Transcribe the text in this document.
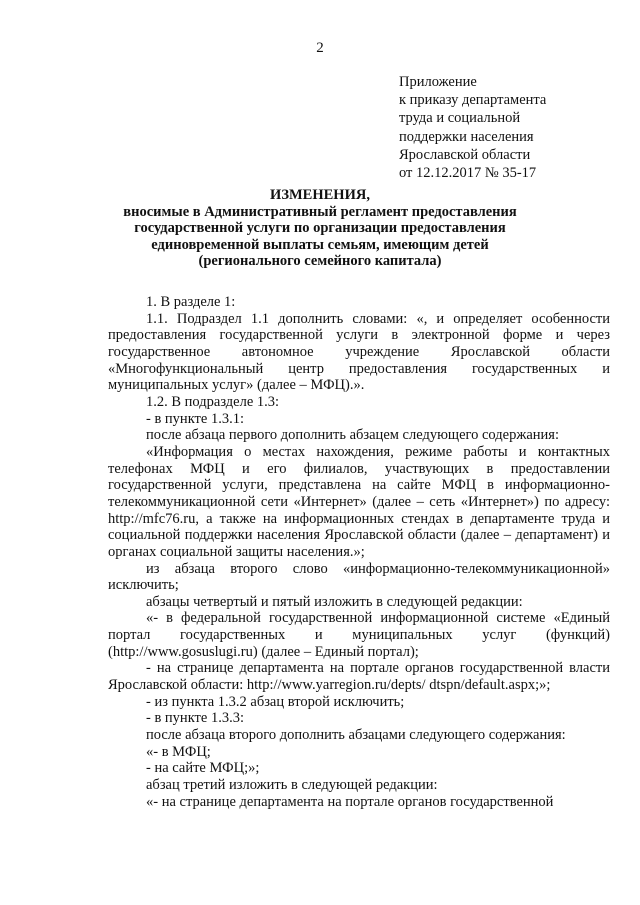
2
Приложение
к приказу департамента
труда и социальной
поддержки населения
Ярославской области
от 12.12.2017 № 35-17
ИЗМЕНЕНИЯ,
вносимые в Административный регламент предоставления
государственной услуги по организации предоставления
единовременной выплаты семьям, имеющим детей
(регионального семейного капитала)

1. В разделе 1:

1.1. Подраздел 1.1 дополнить словами: «, и определяет особенности предоставления государственной услуги в электронной форме и через государственное автономное учреждение Ярославской области «Многофункциональный центр предоставления государственных и муниципальных услуг» (далее – МФЦ).».

1.2. В подразделе 1.3:

- в пункте 1.3.1:

после абзаца первого дополнить абзацем следующего содержания:

«Информация о местах нахождения, режиме работы и контактных телефонах МФЦ и его филиалов, участвующих в предоставлении государственной услуги, представлена на сайте МФЦ в информационно-телекоммуникационной сети «Интернет» (далее – сеть «Интернет») по адресу: http://mfc76.ru, а также на информационных стендах в департаменте труда и социальной поддержки населения Ярославской области (далее – департамент) и органах социальной защиты населения.»;

из абзаца второго слово «информационно-телекоммуникационной» исключить;

абзацы четвертый и пятый изложить в следующей редакции:

«- в федеральной государственной информационной системе «Единый портал государственных и муниципальных услуг (функций) (http://www.gosuslugi.ru) (далее – Единый портал);

- на странице департамента на портале органов государственной власти Ярославской области: http://www.yarregion.ru/depts/ dtspn/default.aspx;»;

- из пункта 1.3.2 абзац второй исключить;

- в пункте 1.3.3:

после абзаца второго дополнить абзацами следующего содержания:

«- в МФЦ;

- на сайте МФЦ;»;

абзац третий изложить в следующей редакции:

«- на странице департамента на портале органов государственной
